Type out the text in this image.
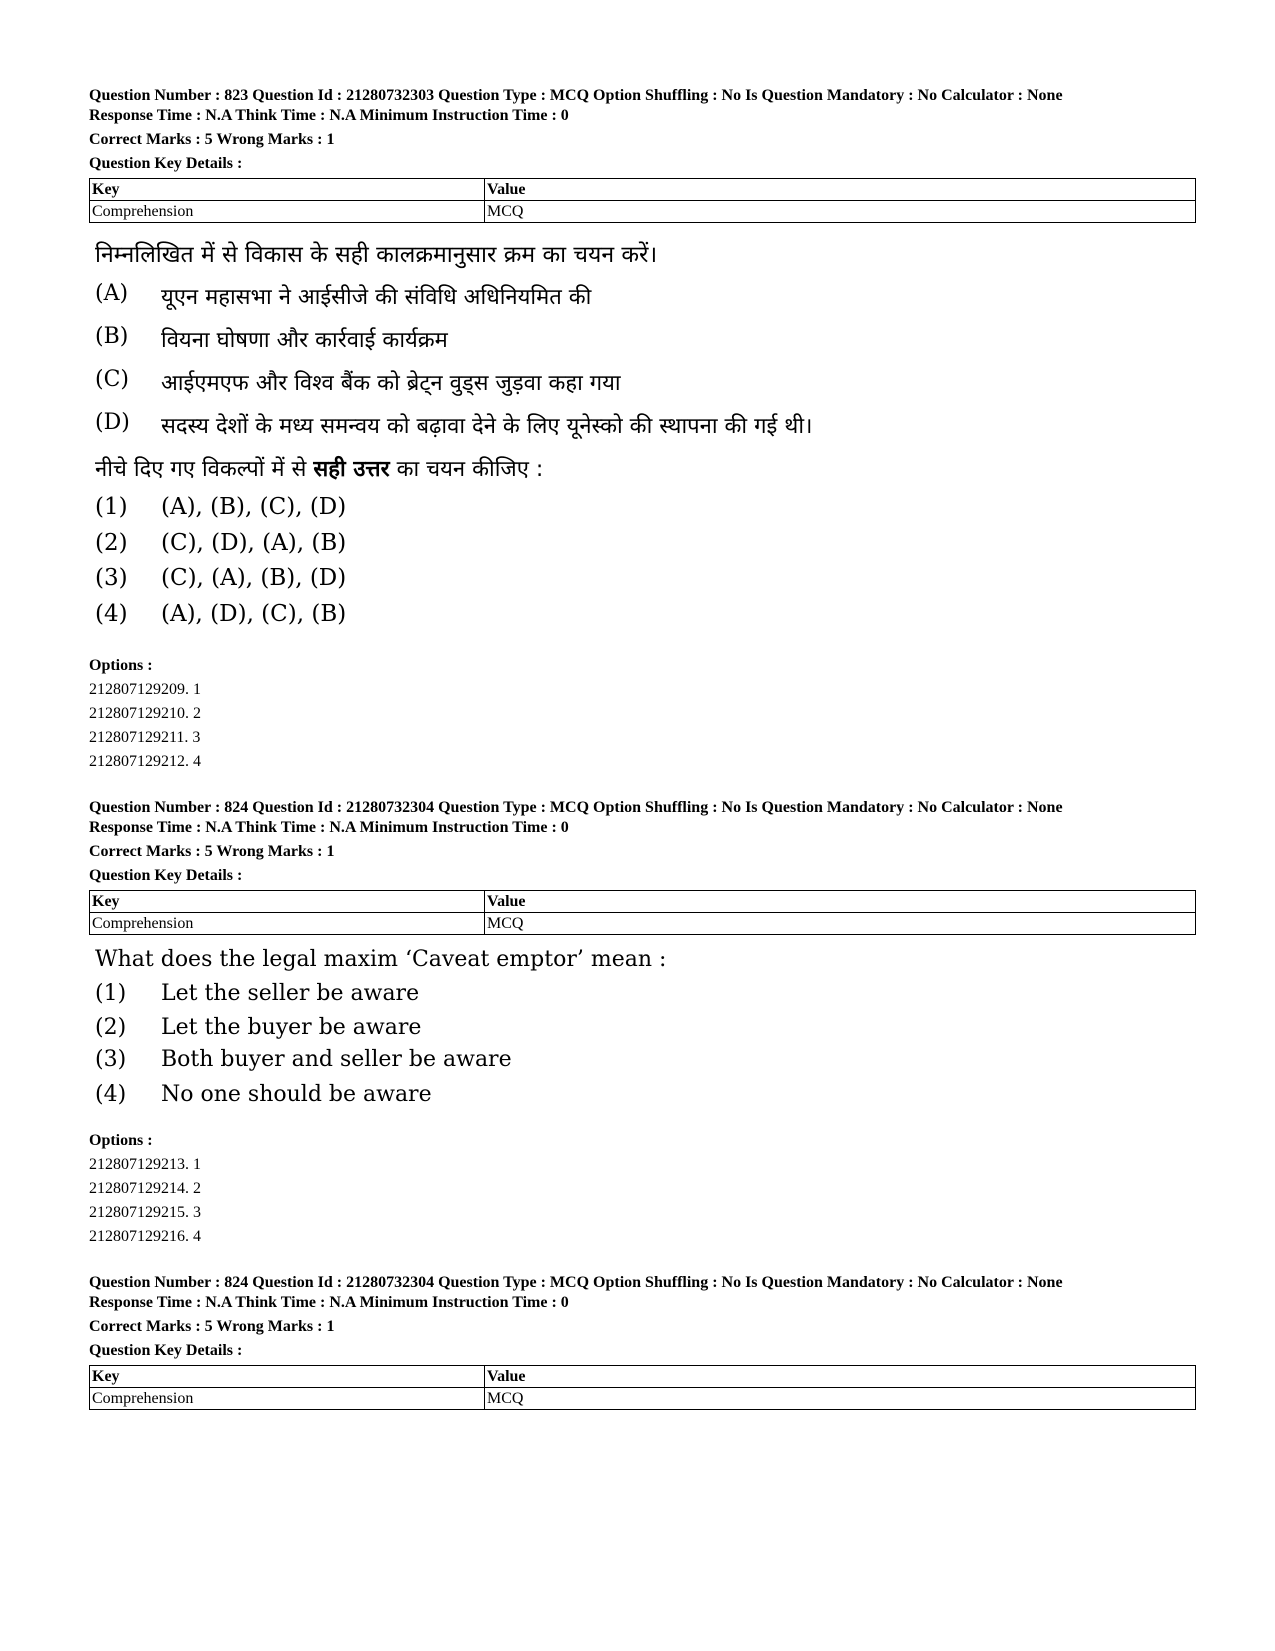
Question Number : 823 Question Id : 21280732303 Question Type : MCQ Option Shuffling : No Is Question Mandatory : No Calculator : None
Response Time : N.A Think Time : N.A Minimum Instruction Time : 0
Correct Marks : 5 Wrong Marks : 1
Question Key Details :
Key	Value
Comprehension	MCQ
निम्नलिखित में से विकास के सही कालक्रमानुसार क्रम का चयन करें।
(A) यूएन महासभा ने आईसीजे की संविधि अधिनियमित की
(B) वियना घोषणा और कार्रवाई कार्यक्रम
(C) आईएमएफ और विश्व बैंक को ब्रेट्न वुड्स जुड़वा कहा गया
(D) सदस्य देशों के मध्य समन्वय को बढ़ावा देने के लिए यूनेस्को की स्थापना की गई थी।
नीचे दिए गए विकल्पों में से सही उत्तर का चयन कीजिए :
(1) (A), (B), (C), (D)
(2) (C), (D), (A), (B)
(3) (C), (A), (B), (D)
(4) (A), (D), (C), (B)
Options :
212807129209. 1
212807129210. 2
212807129211. 3
212807129212. 4
Question Number : 824 Question Id : 21280732304 Question Type : MCQ Option Shuffling : No Is Question Mandatory : No Calculator : None
Response Time : N.A Think Time : N.A Minimum Instruction Time : 0
Correct Marks : 5 Wrong Marks : 1
Question Key Details :
Key	Value
Comprehension	MCQ
What does the legal maxim ‘Caveat emptor’ mean :
(1) Let the seller be aware
(2) Let the buyer be aware
(3) Both buyer and seller be aware
(4) No one should be aware
Options :
212807129213. 1
212807129214. 2
212807129215. 3
212807129216. 4
Question Number : 824 Question Id : 21280732304 Question Type : MCQ Option Shuffling : No Is Question Mandatory : No Calculator : None
Response Time : N.A Think Time : N.A Minimum Instruction Time : 0
Correct Marks : 5 Wrong Marks : 1
Question Key Details :
Key	Value
Comprehension	MCQ
